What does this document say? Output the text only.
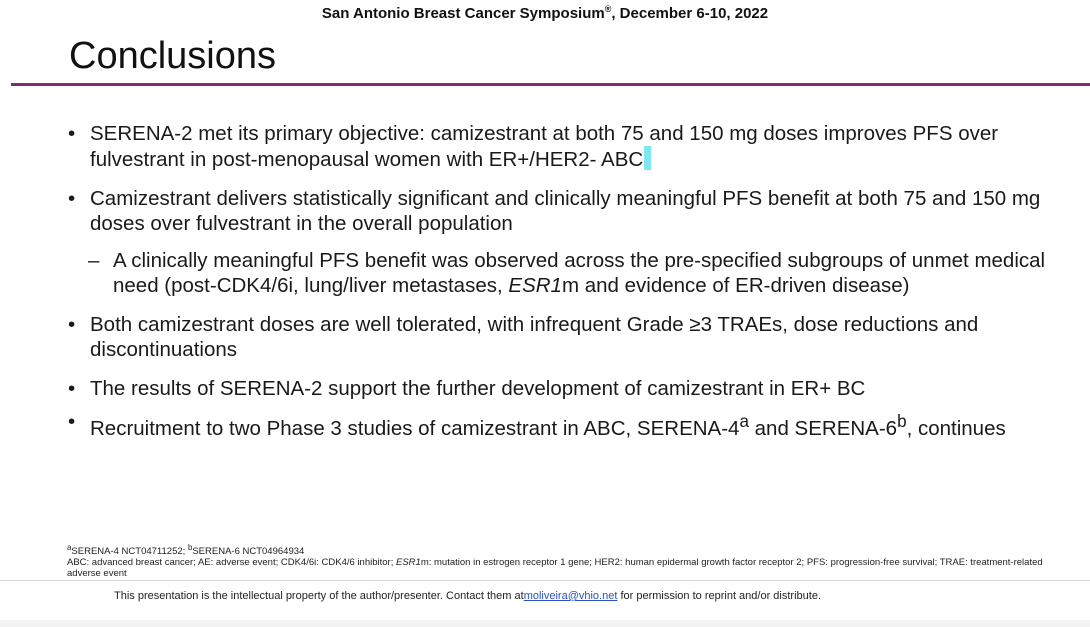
San Antonio Breast Cancer Symposium®, December 6-10, 2022
Conclusions
• SERENA-2 met its primary objective: camizestrant at both 75 and 150 mg doses improves PFS over fulvestrant in post-menopausal women with ER+/HER2- ABC
• Camizestrant delivers statistically significant and clinically meaningful PFS benefit at both 75 and 150 mg doses over fulvestrant in the overall population
– A clinically meaningful PFS benefit was observed across the pre-specified subgroups of unmet medical need (post-CDK4/6i, lung/liver metastases, ESR1m and evidence of ER-driven disease)
• Both camizestrant doses are well tolerated, with infrequent Grade ≥3 TRAEs, dose reductions and discontinuations
• The results of SERENA-2 support the further development of camizestrant in ER+ BC
• Recruitment to two Phase 3 studies of camizestrant in ABC, SERENA-4$^a$ and SERENA-6$^b$, continues
$^a$SERENA-4 NCT04711252; $^b$SERENA-6 NCT04964934
ABC: advanced breast cancer; AE: adverse event; CDK4/6i: CDK4/6 inhibitor; ESR1m: mutation in estrogen receptor 1 gene; HER2: human epidermal growth factor receptor 2; PFS: progression-free survival; TRAE: treatment-related adverse event
This presentation is the intellectual property of the author/presenter. Contact them atmoliveira@vhio.net for permission to reprint and/or distribute.
